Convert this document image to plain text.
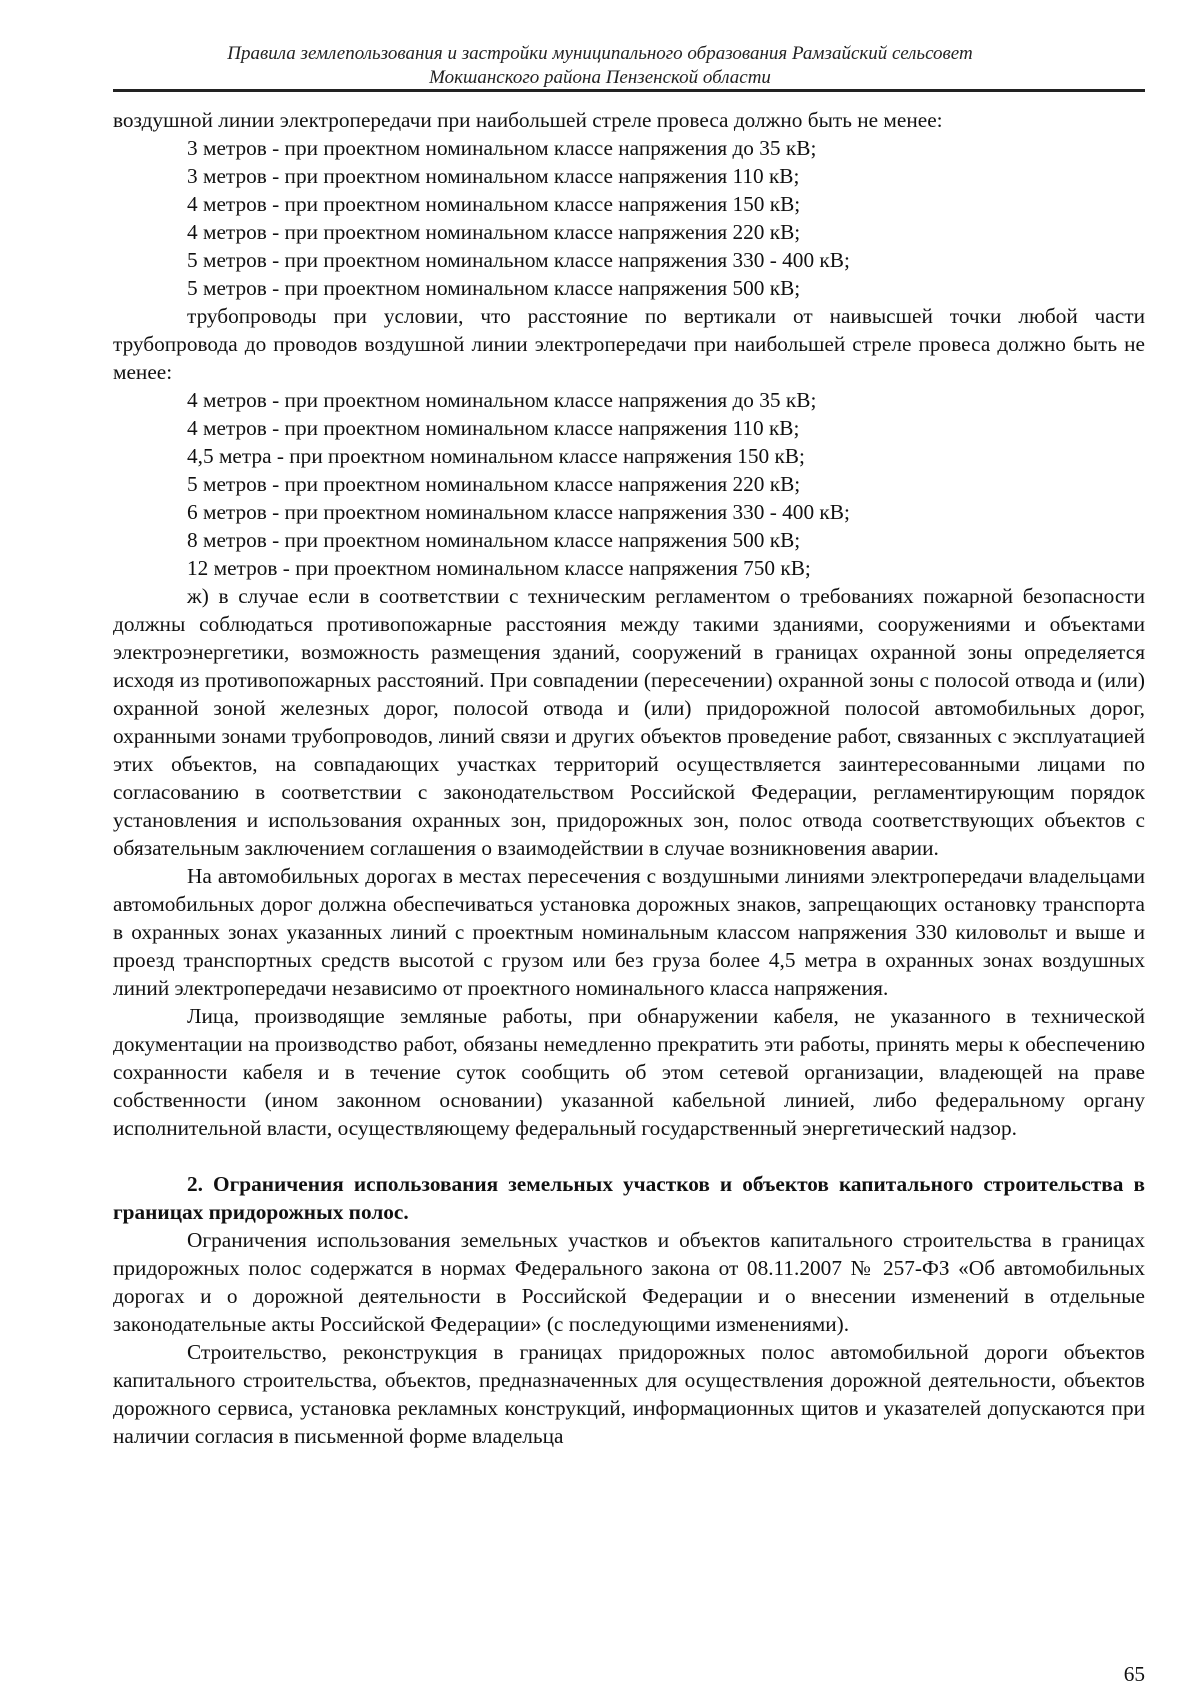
Правила землепользования и застройки муниципального образования Рамзайский сельсовет
Мокшанского района Пензенской области

воздушной линии электропередачи при наибольшей стреле провеса должно быть не менее:

3 метров - при проектном номинальном классе напряжения до 35 кВ;

3 метров - при проектном номинальном классе напряжения 110 кВ;

4 метров - при проектном номинальном классе напряжения 150 кВ;

4 метров - при проектном номинальном классе напряжения 220 кВ;

5 метров - при проектном номинальном классе напряжения 330 - 400 кВ;

5 метров - при проектном номинальном классе напряжения 500 кВ;

трубопроводы при условии, что расстояние по вертикали от наивысшей точки любой части трубопровода до проводов воздушной линии электропередачи при наибольшей стреле провеса должно быть не менее:

4 метров - при проектном номинальном классе напряжения до 35 кВ;

4 метров - при проектном номинальном классе напряжения 110 кВ;

4,5 метра - при проектном номинальном классе напряжения 150 кВ;

5 метров - при проектном номинальном классе напряжения 220 кВ;

6 метров - при проектном номинальном классе напряжения 330 - 400 кВ;

8 метров - при проектном номинальном классе напряжения 500 кВ;

12 метров - при проектном номинальном классе напряжения 750 кВ;

ж) в случае если в соответствии с техническим регламентом о требованиях пожарной безопасности должны соблюдаться противопожарные расстояния между такими зданиями, сооружениями и объектами электроэнергетики, возможность размещения зданий, сооружений в границах охранной зоны определяется исходя из противопожарных расстояний. При совпадении (пересечении) охранной зоны с полосой отвода и (или) охранной зоной железных дорог, полосой отвода и (или) придорожной полосой автомобильных дорог, охранными зонами трубопроводов, линий связи и других объектов проведение работ, связанных с эксплуатацией этих объектов, на совпадающих участках территорий осуществляется заинтересованными лицами по согласованию в соответствии с законодательством Российской Федерации, регламентирующим порядок установления и использования охранных зон, придорожных зон, полос отвода соответствующих объектов с обязательным заключением соглашения о взаимодействии в случае возникновения аварии.

На автомобильных дорогах в местах пересечения с воздушными линиями электропередачи владельцами автомобильных дорог должна обеспечиваться установка дорожных знаков, запрещающих остановку транспорта в охранных зонах указанных линий с проектным номинальным классом напряжения 330 киловольт и выше и проезд транспортных средств высотой с грузом или без груза более 4,5 метра в охранных зонах воздушных линий электропередачи независимо от проектного номинального класса напряжения.

Лица, производящие земляные работы, при обнаружении кабеля, не указанного в технической документации на производство работ, обязаны немедленно прекратить эти работы, принять меры к обеспечению сохранности кабеля и в течение суток сообщить об этом сетевой организации, владеющей на праве собственности (ином законном основании) указанной кабельной линией, либо федеральному органу исполнительной власти, осуществляющему федеральный государственный энергетический надзор.

2. Ограничения использования земельных участков и объектов капитального строительства в границах придорожных полос.

Ограничения использования земельных участков и объектов капитального строительства в границах придорожных полос содержатся в нормах Федерального закона от 08.11.2007 № 257-ФЗ «Об автомобильных дорогах и о дорожной деятельности в Российской Федерации и о внесении изменений в отдельные законодательные акты Российской Федерации» (с последующими изменениями).

Строительство, реконструкция в границах придорожных полос автомобильной дороги объектов капитального строительства, объектов, предназначенных для осуществления дорожной деятельности, объектов дорожного сервиса, установка рекламных конструкций, информационных щитов и указателей допускаются при наличии согласия в письменной форме владельца

65
